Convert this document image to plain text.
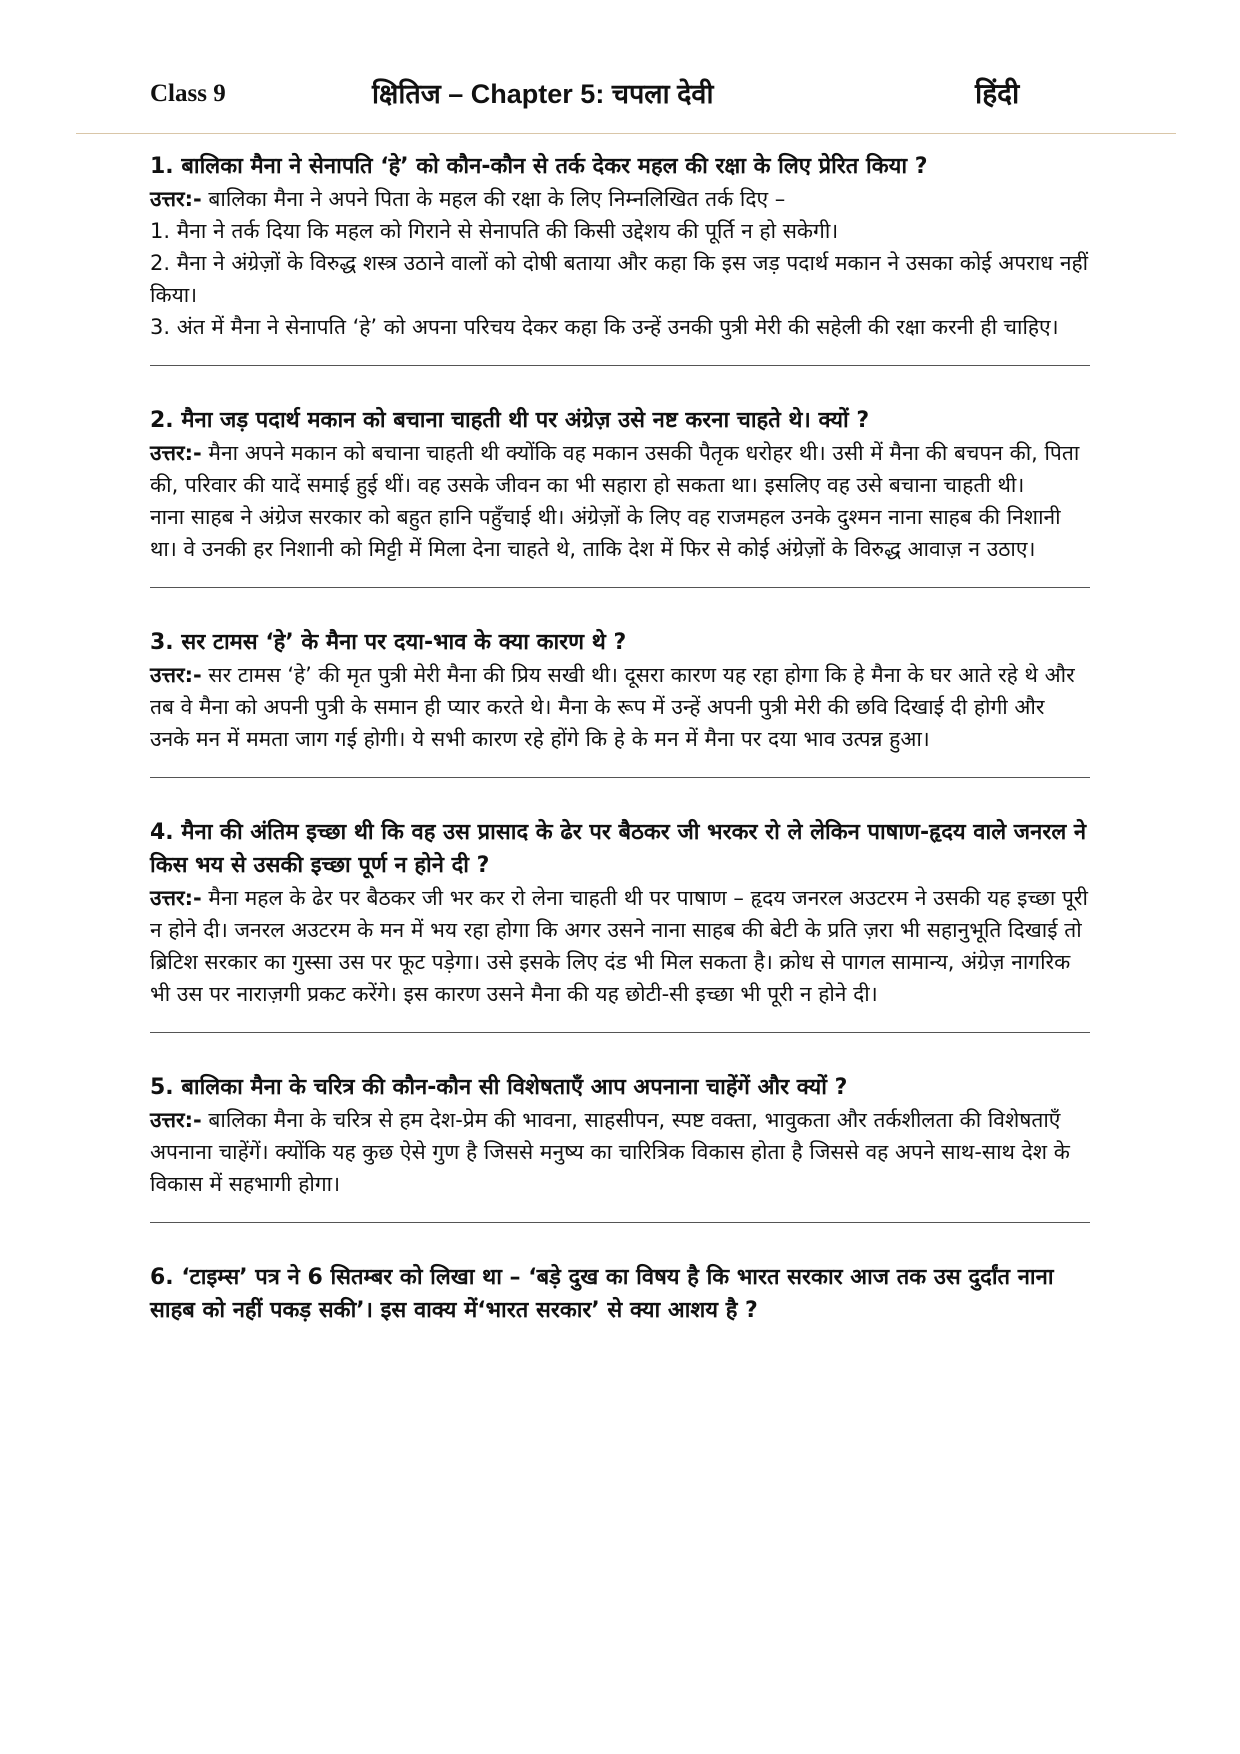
Class 9	क्षितिज – Chapter 5: चपला देवी	हिंदी

1. बालिका मैना ने सेनापति ‘हे’ को कौन-कौन से तर्क देकर महल की रक्षा के लिए प्रेरित किया ?

उत्तर:- बालिका मैना ने अपने पिता के महल की रक्षा के लिए निम्नलिखित तर्क दिए –

1. मैना ने तर्क दिया कि महल को गिराने से सेनापति की किसी उद्देशय की पूर्ति न हो सकेगी।

2. मैना ने अंग्रेज़ों के विरुद्ध शस्त्र उठाने वालों को दोषी बताया और कहा कि इस जड़ पदार्थ मकान ने उसका कोई अपराध नहीं किया।

3. अंत में मैना ने सेनापति ‘हे’ को अपना परिचय देकर कहा कि उन्हें उनकी पुत्री मेरी की सहेली की रक्षा करनी ही चाहिए।

2. मैना जड़ पदार्थ मकान को बचाना चाहती थी पर अंग्रेज़ उसे नष्ट करना चाहते थे। क्यों ?

उत्तर:- मैना अपने मकान को बचाना चाहती थी क्योंकि वह मकान उसकी पैतृक धरोहर थी। उसी में मैना की बचपन की, पिता की, परिवार की यादें समाई हुई थीं। वह उसके जीवन का भी सहारा हो सकता था। इसलिए वह उसे बचाना चाहती थी।

नाना साहब ने अंग्रेज सरकार को बहुत हानि पहुँचाई थी। अंग्रेज़ों के लिए वह राजमहल उनके दुश्मन नाना साहब की निशानी था। वे उनकी हर निशानी को मिट्टी में मिला देना चाहते थे, ताकि देश में फिर से कोई अंग्रेज़ों के विरुद्ध आवाज़ न उठाए।

3. सर टामस ‘हे’ के मैना पर दया-भाव के क्या कारण थे ?

उत्तर:- सर टामस ‘हे’ की मृत पुत्री मेरी मैना की प्रिय सखी थी। दूसरा कारण यह रहा होगा कि हे मैना के घर आते रहे थे और तब वे मैना को अपनी पुत्री के समान ही प्यार करते थे। मैना के रूप में उन्हें अपनी पुत्री मेरी की छवि दिखाई दी होगी और उनके मन में ममता जाग गई होगी। ये सभी कारण रहे होंगे कि हे के मन में मैना पर दया भाव उत्पन्न हुआ।

4. मैना की अंतिम इच्छा थी कि वह उस प्रासाद के ढेर पर बैठकर जी भरकर रो ले लेकिन पाषाण-हृदय वाले जनरल ने किस भय से उसकी इच्छा पूर्ण न होने दी ?

उत्तर:- मैना महल के ढेर पर बैठकर जी भर कर रो लेना चाहती थी पर पाषाण – हृदय जनरल अउटरम ने उसकी यह इच्छा पूरी न होने दी। जनरल अउटरम के मन में भय रहा होगा कि अगर उसने नाना साहब की बेटी के प्रति ज़रा भी सहानुभूति दिखाई तो ब्रिटिश सरकार का गुस्सा उस पर फूट पड़ेगा। उसे इसके लिए दंड भी मिल सकता है। क्रोध से पागल सामान्य, अंग्रेज़ नागरिक भी उस पर नाराज़गी प्रकट करेंगे। इस कारण उसने मैना की यह छोटी-सी इच्छा भी पूरी न होने दी।

5. बालिका मैना के चरित्र की कौन-कौन सी विशेषताएँ आप अपनाना चाहेंगें और क्यों ?

उत्तर:- बालिका मैना के चरित्र से हम देश-प्रेम की भावना, साहसीपन, स्पष्ट वक्ता, भावुकता और तर्कशीलता की विशेषताएँ अपनाना चाहेंगें। क्योंकि यह कुछ ऐसे गुण है जिससे मनुष्य का चारित्रिक विकास होता है जिससे वह अपने साथ-साथ देश के विकास में सहभागी होगा।

6. ‘टाइम्स’ पत्र ने 6 सितम्बर को लिखा था – ‘बड़े दुख का विषय है कि भारत सरकार आज तक उस दुर्दांत नाना साहब को नहीं पकड़ सकी’। इस वाक्य में‘भारत सरकार’ से क्या आशय है ?
